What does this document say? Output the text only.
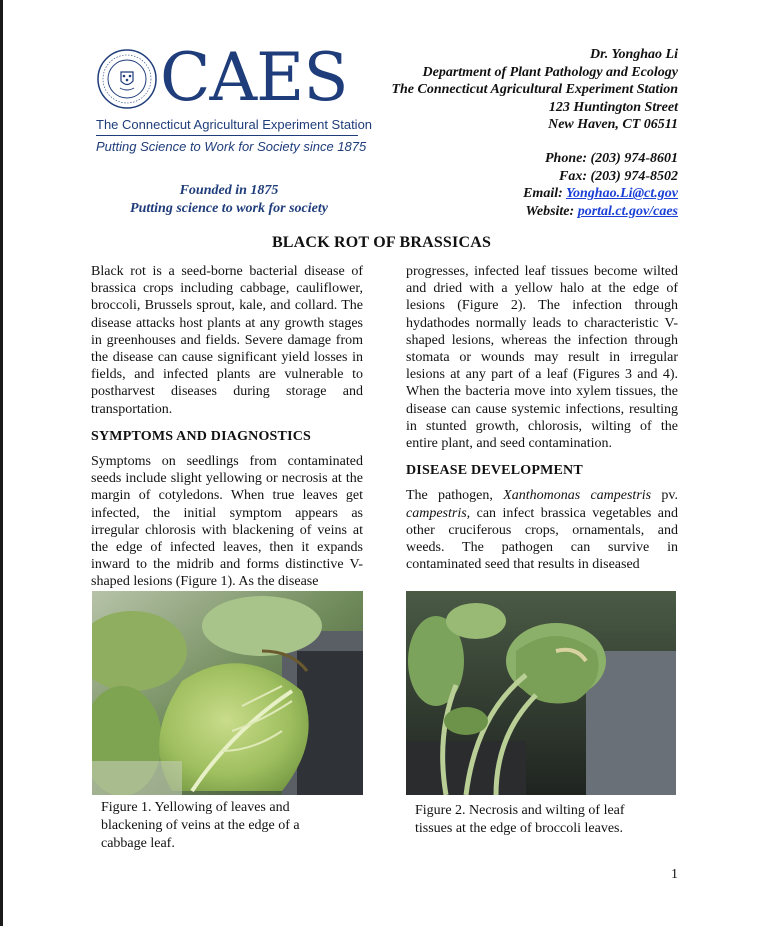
CAES
The Connecticut Agricultural Experiment Station
Putting Science to Work for Society since 1875
Founded in 1875
Putting science to work for society
Dr. Yonghao Li
Department of Plant Pathology and Ecology
The Connecticut Agricultural Experiment Station
123 Huntington Street
New Haven, CT 06511
Phone: (203) 974-8601
Fax: (203) 974-8502
Email: Yonghao.Li@ct.gov
Website: portal.ct.gov/caes
BLACK ROT OF BRASSICAS

Black rot is a seed-borne bacterial disease of brassica crops including cabbage, cauliflower, broccoli, Brussels sprout, kale, and collard. The disease attacks host plants at any growth stages in greenhouses and fields. Severe damage from the disease can cause significant yield losses in fields, and infected plants are vulnerable to postharvest diseases during storage and transportation.

SYMPTOMS AND DIAGNOSTICS

Symptoms on seedlings from contaminated seeds include slight yellowing or necrosis at the margin of cotyledons. When true leaves get infected, the initial symptom appears as irregular chlorosis with blackening of veins at the edge of infected leaves, then it expands inward to the midrib and forms distinctive V-shaped lesions (Figure 1). As the disease

progresses, infected leaf tissues become wilted and dried with a yellow halo at the edge of lesions (Figure 2). The infection through hydathodes normally leads to characteristic V-shaped lesions, whereas the infection through stomata or wounds may result in irregular lesions at any part of a leaf (Figures 3 and 4). When the bacteria move into xylem tissues, the disease can cause systemic infections, resulting in stunted growth, chlorosis, wilting of the entire plant, and seed contamination.

DISEASE DEVELOPMENT

The pathogen, Xanthomonas campestris pv. campestris, can infect brassica vegetables and other cruciferous crops, ornamentals, and weeds. The pathogen can survive in contaminated seed that results in diseased

Figure 1. Yellowing of leaves and blackening of veins at the edge of a cabbage leaf.
Figure 2. Necrosis and wilting of leaf tissues at the edge of broccoli leaves.
1
